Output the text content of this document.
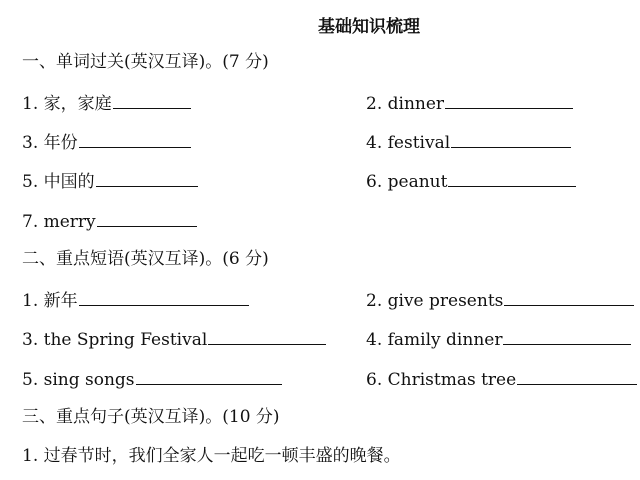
基础知识梳理
一、单词过关(英汉互译)。(7 分)
1. 家，家庭	2. dinner
3. 年份	4. festival
5. 中国的	6. peanut
7. merry
二、重点短语(英汉互译)。(6 分)
1. 新年	2. give presents
3. the Spring Festival	4. family dinner
5. sing songs	6. Christmas tree
三、重点句子(英汉互译)。(10 分)
1. 过春节时，我们全家人一起吃一顿丰盛的晚餐。
